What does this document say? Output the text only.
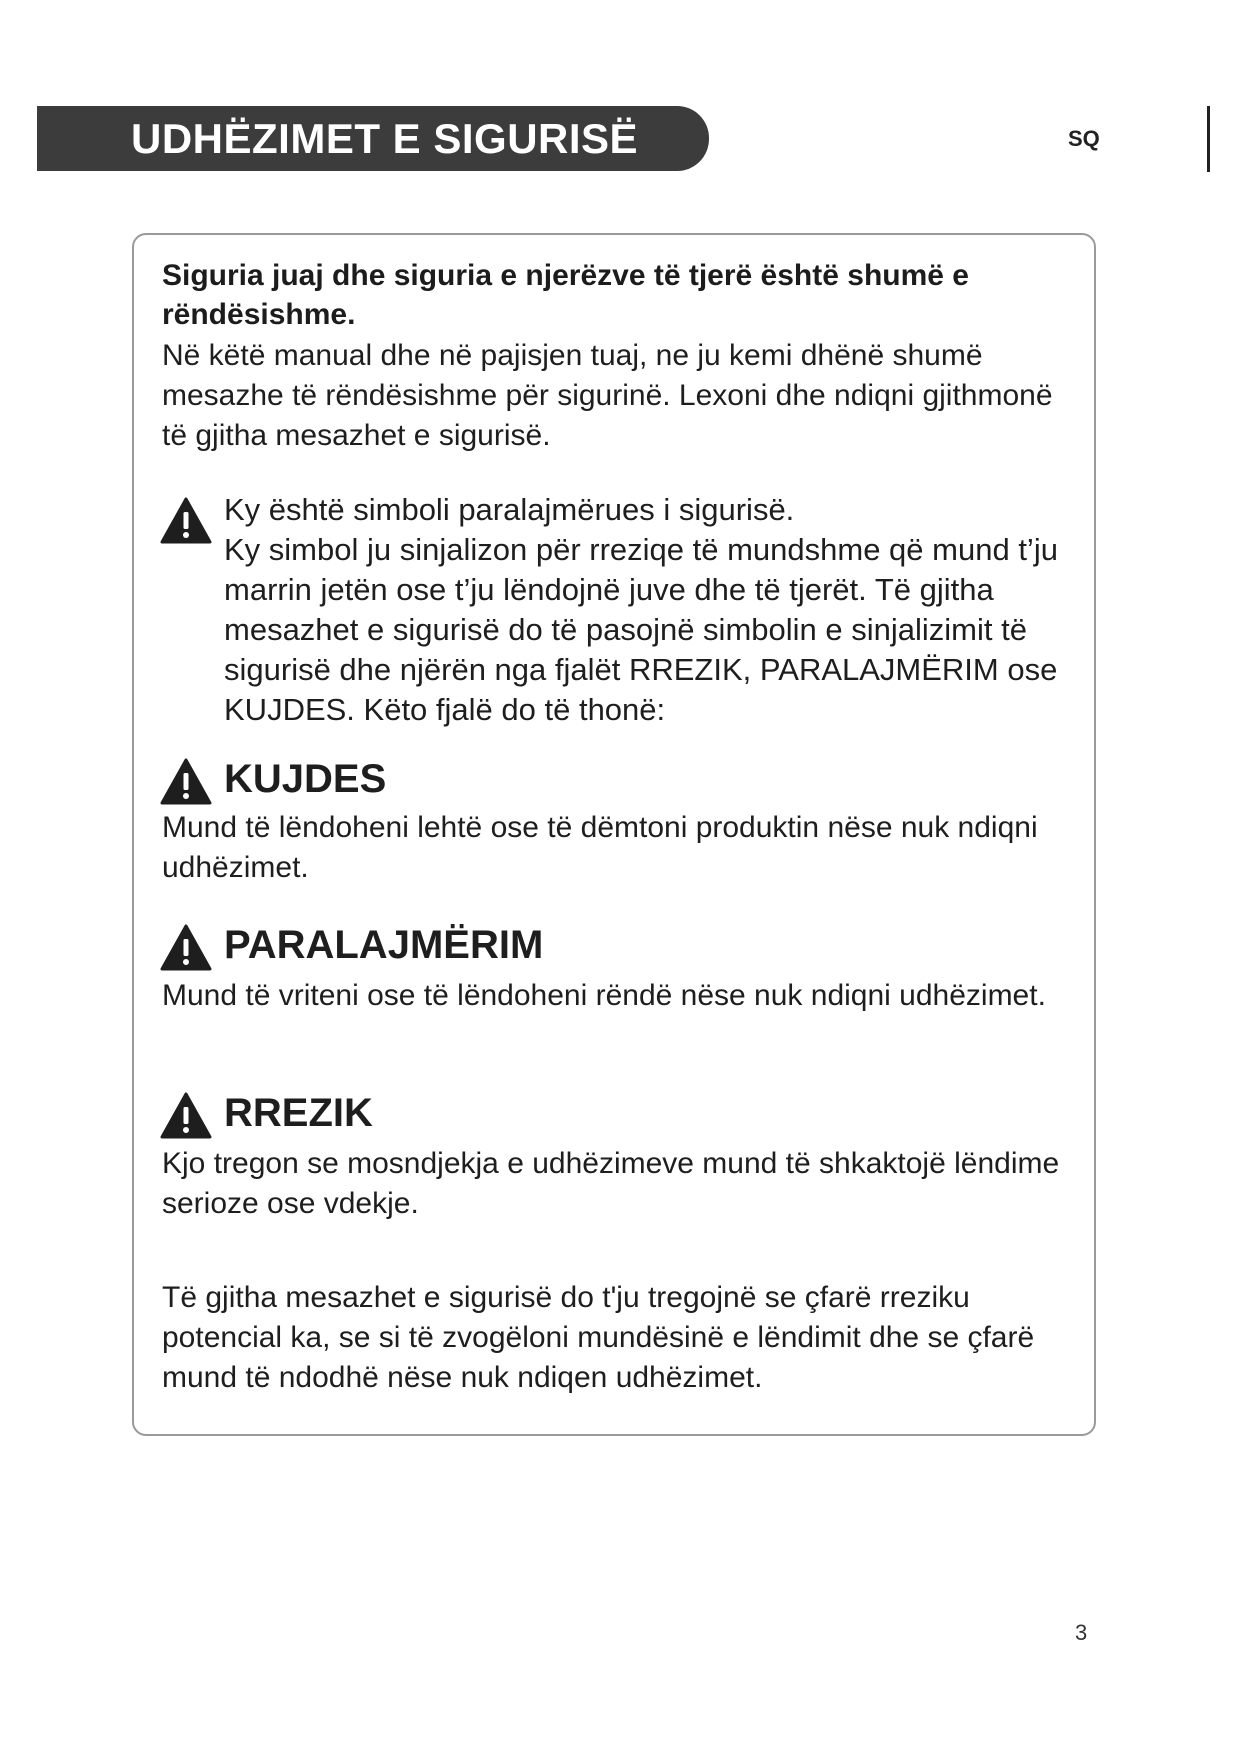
UDHËZIMET E SIGURISË	SQ

Siguria juaj dhe siguria e njerëzve të tjerë është shumë e rëndësishme.

Në këtë manual dhe në pajisjen tuaj, ne ju kemi dhënë shumë mesazhe të rëndësishme për sigurinë. Lexoni dhe ndiqni gjithmonë të gjitha mesazhet e sigurisë.

Ky është simboli paralajmërues i sigurisë.
Ky simbol ju sinjalizon për rreziqe të mundshme që mund t’ju marrin jetën ose t’ju lëndojnë juve dhe të tjerët. Të gjitha mesazhet e sigurisë do të pasojnë simbolin e sinjalizimit të sigurisë dhe njërën nga fjalët RREZIK, PARALAJMËRIM ose KUJDES. Këto fjalë do të thonë:
KUJDES

Mund të lëndoheni lehtë ose të dëmtoni produktin nëse nuk ndiqni udhëzimet.

PARALAJMËRIM

Mund të vriteni ose të lëndoheni rëndë nëse nuk ndiqni udhëzimet.

RREZIK

Kjo tregon se mosndjekja e udhëzimeve mund të shkaktojë lëndime serioze ose vdekje.

Të gjitha mesazhet e sigurisë do t'ju tregojnë se çfarë rreziku potencial ka, se si të zvogëloni mundësinë e lëndimit dhe se çfarë mund të ndodhë nëse nuk ndiqen udhëzimet.

3
